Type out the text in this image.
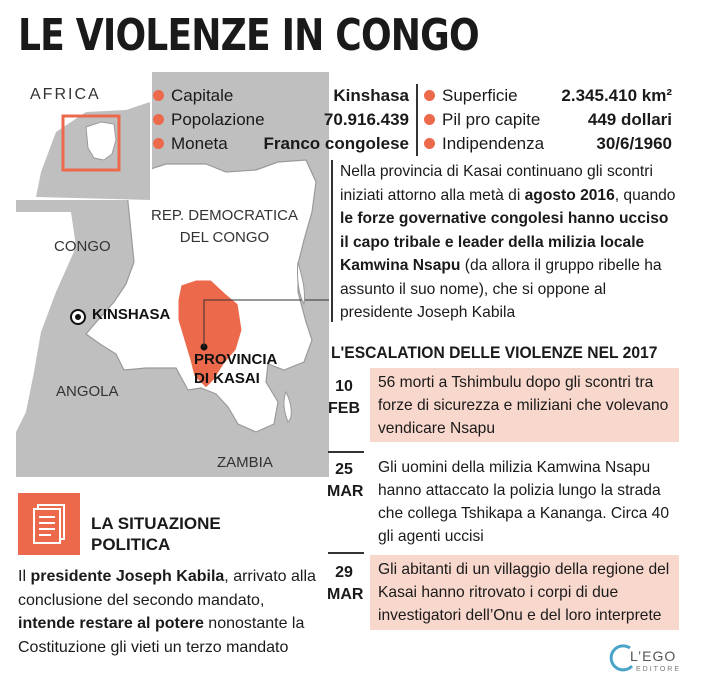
LE VIOLENZE IN CONGO
AFRICA
REP. DEMOCRATICA
DEL CONGO
CONGO
ANGOLA
ZAMBIA
KINSHASA
PROVINCIA
DI KASAI
Capitale	Kinshasa
Popolazione	70.916.439
Moneta Franco congolese
Superficie	2.345.410 km²
Pil pro capite	449 dollari
Indipendenza	30/6/1960
Nella provincia di Kasai continuano gli scontri iniziati attorno alla metà di agosto 2016, quando le forze governative congolesi hanno ucciso il capo tribale e leader della milizia locale Kamwina Nsapu (da allora il gruppo ribelle ha assunto il suo nome), che si oppone al presidente Joseph Kabila
L'ESCALATION DELLE VIOLENZE NEL 2017
10
FEB
56 morti a Tshimbulu dopo gli scontri tra forze di sicurezza e miliziani che volevano vendicare Nsapu
25
MAR
Gli uomini della milizia Kamwina Nsapu hanno attaccato la polizia lungo la strada che collega Tshikapa a Kananga. Circa 40 gli agenti uccisi
29
MAR
Gli abitanti di un villaggio della regione del Kasai hanno ritrovato i corpi di due investigatori dell’Onu e del loro interprete
LA SITUAZIONE
POLITICA
Il presidente Joseph Kabila, arrivato alla conclusione del secondo mandato, intende restare al potere nonostante la Costituzione gli vieti un terzo mandato
L’EGO
EDITORE
